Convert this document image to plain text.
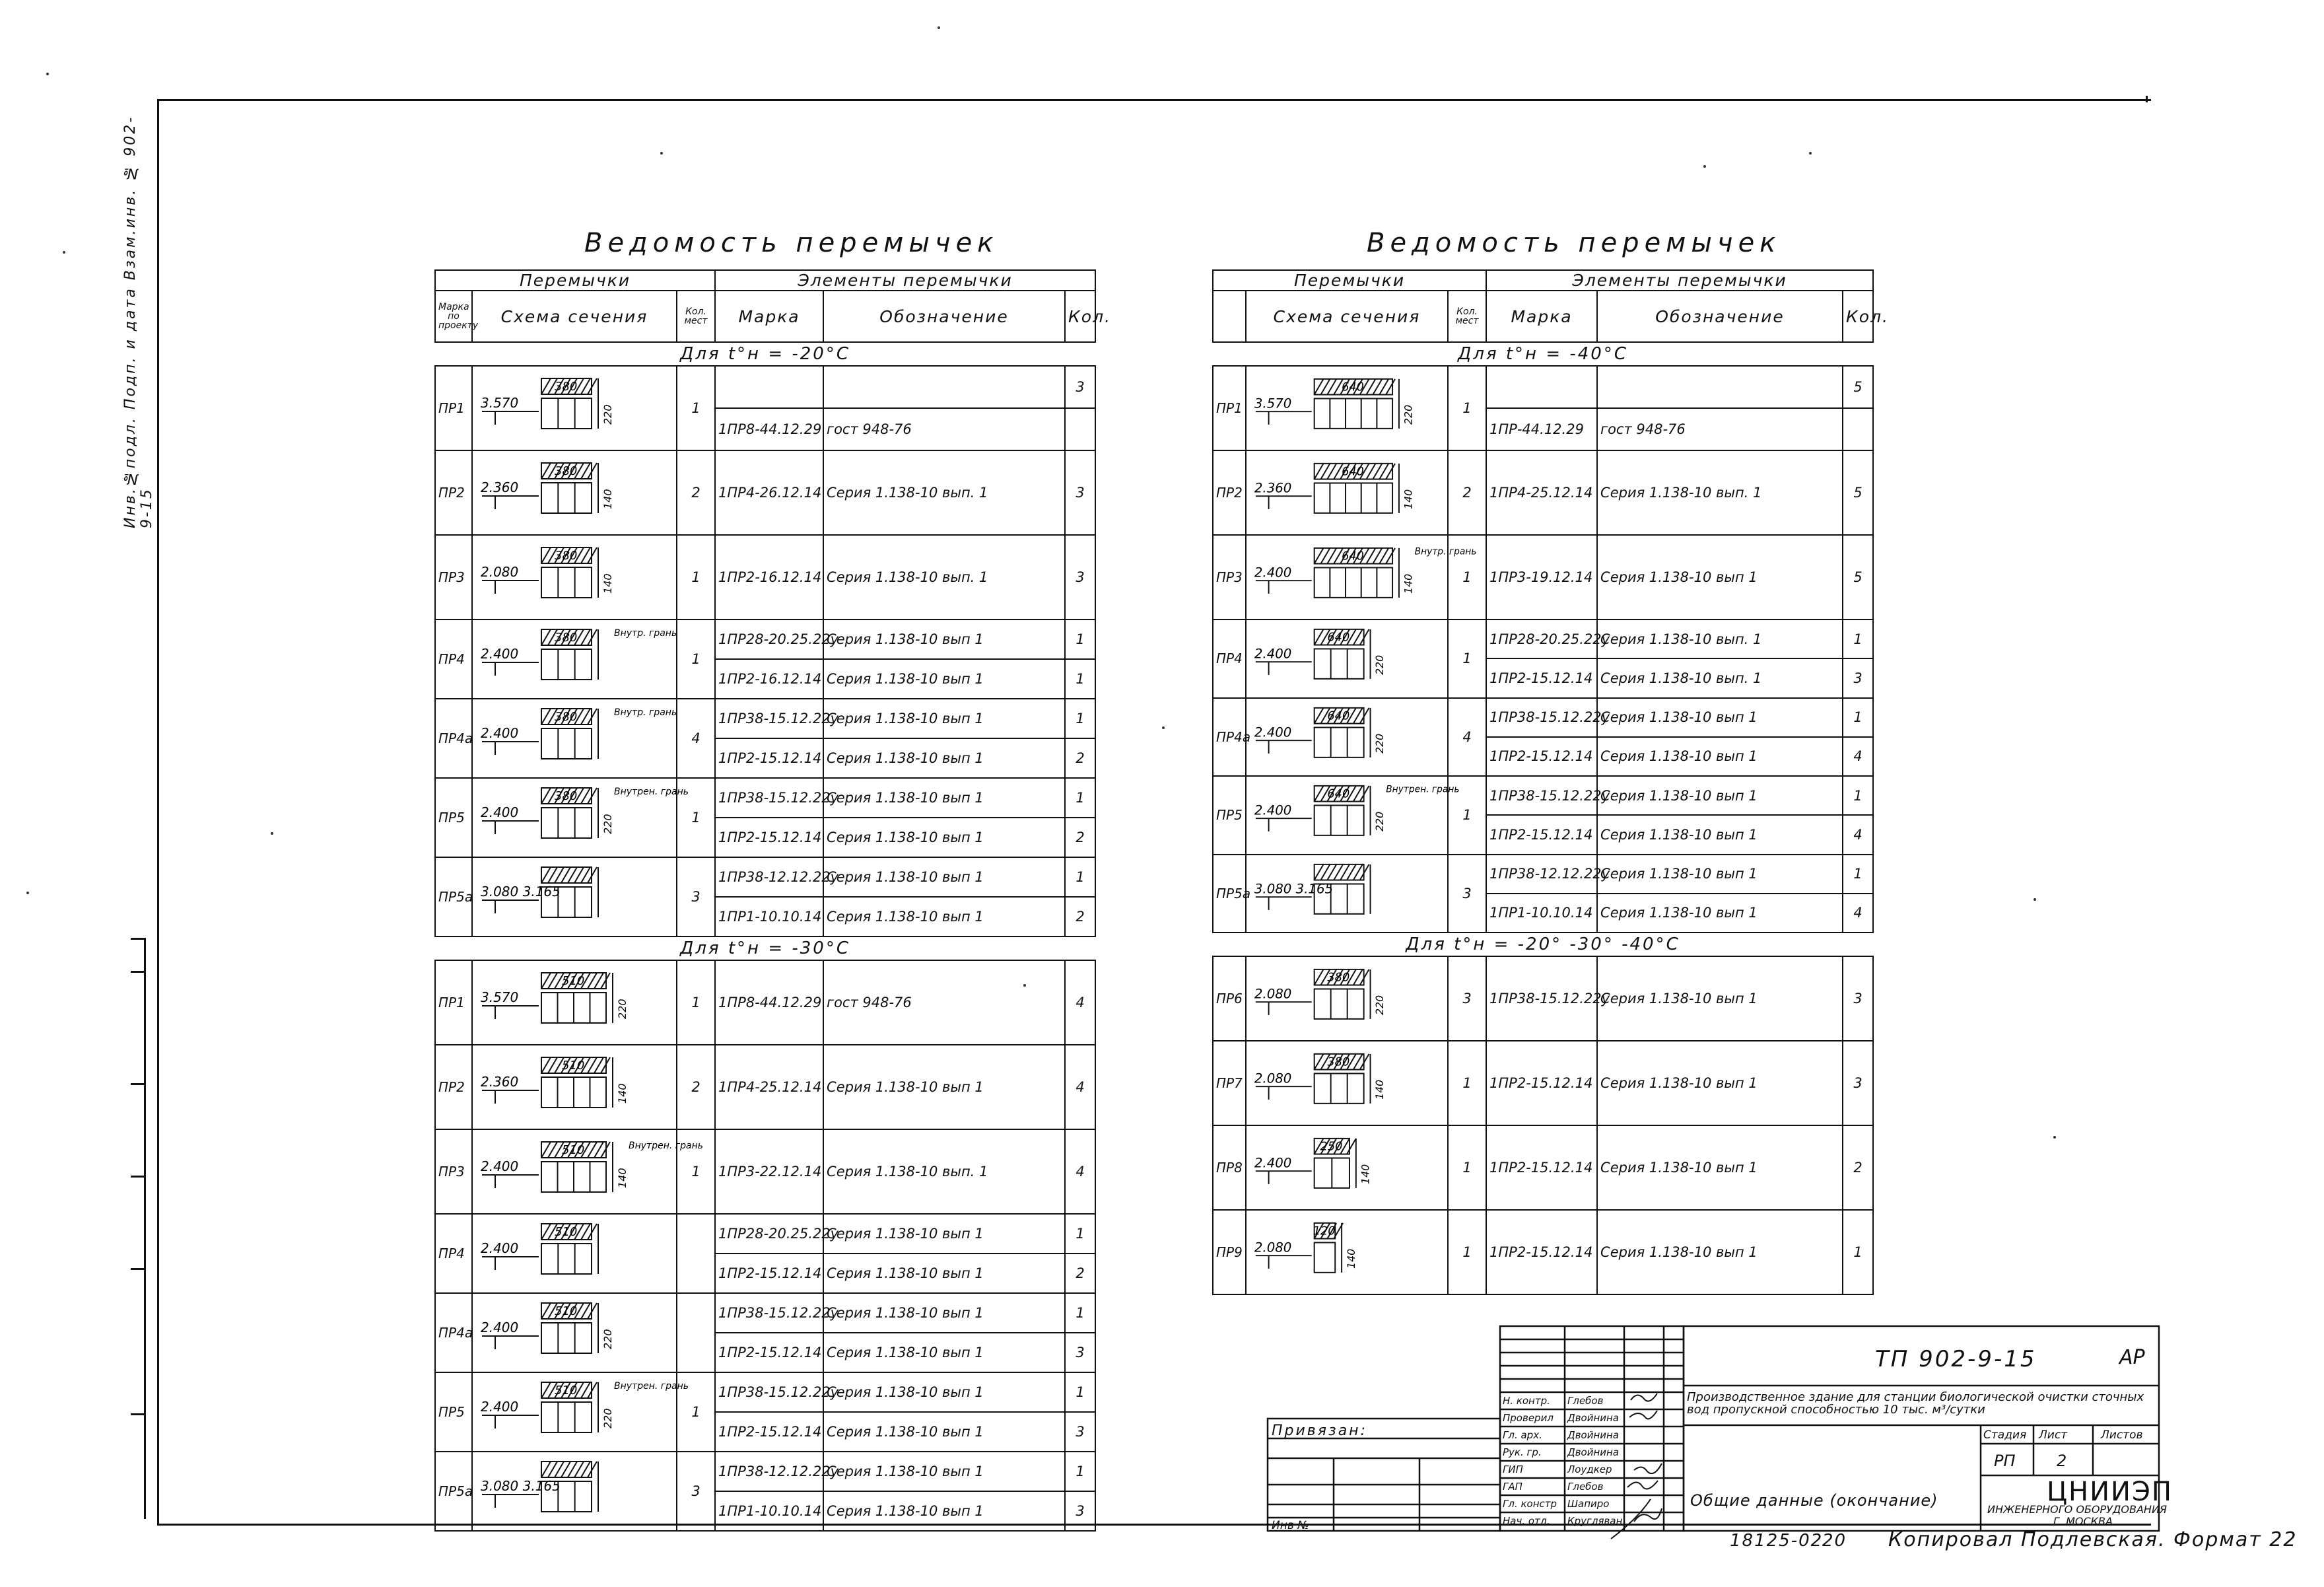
Инв.№подл. Подп. и дата Взам.инв. № 902-9-15
Ведомость перемычек
Перемычки			Элементы перемычки		
Марка по проекту	Схема сечения	Кол. мест	Марка	Обозначение	Кол.
Для t°н = -20°C					
ПР1	3.570
380
220	1			3
			1ПР8-44.12.29	гост 948-76	
ПР2	2.360
380
140	2	1ПР4-26.12.14	Серия 1.138-10 вып. 1	3
ПР3	2.080
380
140	1	1ПР2-16.12.14	Серия 1.138-10 вып. 1	3
ПР4	2.400
380 Внутр. грань	1	1ПР28-20.25.22у	Серия 1.138-10 вып 1	1
			1ПР2-16.12.14	Серия 1.138-10 вып 1	1
ПР4а	2.400
380 Внутр. грань	4	1ПР38-15.12.22у	Серия 1.138-10 вып 1	1
			1ПР2-15.12.14	Серия 1.138-10 вып 1	2
ПР5	2.400
380
220
Внутрен. грань	1	1ПР38-15.12.22у	Серия 1.138-10 вып 1	1
			1ПР2-15.12.14	Серия 1.138-10 вып 1	2
ПР5а	3.080 3.165	3	1ПР38-12.12.22у	Серия 1.138-10 вып 1	1
			1ПР1-10.10.14	Серия 1.138-10 вып 1	2
Для t°н = -30°C					
ПР1	3.570
510
220	1	1ПР8-44.12.29	гост 948-76	4
ПР2	2.360
510
140	2	1ПР4-25.12.14	Серия 1.138-10 вып 1	4
ПР3	2.400
510
140
Внутрен. грань	1	1ПР3-22.12.14	Серия 1.138-10 вып. 1	4
ПР4	2.400
510		1ПР28-20.25.22у	Серия 1.138-10 вып 1	1
			1ПР2-15.12.14	Серия 1.138-10 вып 1	2
ПР4а	2.400
510
220		1ПР38-15.12.22у	Серия 1.138-10 вып 1	1
			1ПР2-15.12.14	Серия 1.138-10 вып 1	3
ПР5	2.400
510
220
Внутрен. грань	1	1ПР38-15.12.22у	Серия 1.138-10 вып 1	1
			1ПР2-15.12.14	Серия 1.138-10 вып 1	3
ПР5а	3.080 3.165	3	1ПР38-12.12.22у	Серия 1.138-10 вып 1	1
			1ПР1-10.10.14	Серия 1.138-10 вып 1	3
Ведомость перемычек
Перемычки			Элементы перемычки		
	Схема сечения	Кол. мест	Марка	Обозначение	Кол.
Для t°н = -40°C					
ПР1	3.570
640
220	1			5
			1ПР-44.12.29	гост 948-76	
ПР2	2.360
640
140	2	1ПР4-25.12.14	Серия 1.138-10 вып. 1	5
ПР3	2.400
640
140
Внутр. грань	1	1ПР3-19.12.14	Серия 1.138-10 вып 1	5
ПР4	2.400
640
220	1	1ПР28-20.25.22у	Серия 1.138-10 вып. 1	1
			1ПР2-15.12.14	Серия 1.138-10 вып. 1	3
ПР4а	2.400
640
220	4	1ПР38-15.12.22у	Серия 1.138-10 вып 1	1
			1ПР2-15.12.14	Серия 1.138-10 вып 1	4
ПР5	2.400
640
220
Внутрен. грань	1	1ПР38-15.12.22у	Серия 1.138-10 вып 1	1
			1ПР2-15.12.14	Серия 1.138-10 вып 1	4
ПР5а	3.080 3.165	3	1ПР38-12.12.22у	Серия 1.138-10 вып 1	1
			1ПР1-10.10.14	Серия 1.138-10 вып 1	4
Для t°н = -20° -30° -40°C					
ПР6	2.080
380
220	3	1ПР38-15.12.22у	Серия 1.138-10 вып 1	3
ПР7	2.080
380
140	1	1ПР2-15.12.14	Серия 1.138-10 вып 1	3
ПР8	2.400
250
140	1	1ПР2-15.12.14	Серия 1.138-10 вып 1	2
ПР9	2.080
120
140	1	1ПР2-15.12.14	Серия 1.138-10 вып 1	1
Привязан:
Инв №
Н. контр. Глебов
Проверил Двойнина
Гл. арх.	Двойнина
Рук. гр.	Двойнина
ГИП	Лоудкер
ГАП	Глебов
Гл. констр Шапиро
Нач. отд. Кругляван
ТП 902-9-15	АР
Производственное здание для станции биологической очистки сточных вод пропускной способностью 10 тыс. м³/сутки
Общие данные (окончание)
Стадия Лист	Листов
РП	2
ЦНИИЭП
ИНЖЕНЕРНОГО ОБОРУДОВАНИЯ
Г. МОСКВА
18125-02
20 Копировал Подлевская. Формат 22
